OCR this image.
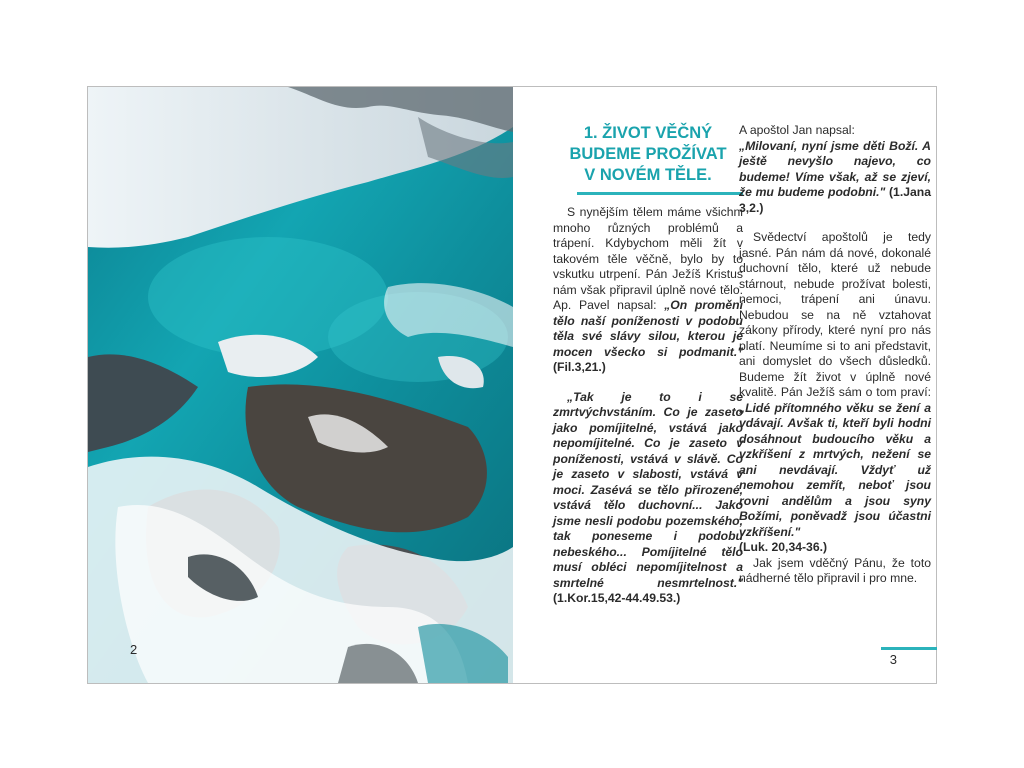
2
1. ŽIVOT VĚČNÝ
BUDEME PROŽÍVAT
V NOVÉM TĚLE.

S nynějším tělem máme všichni mnoho různých problémů a trápení. Kdybychom měli žít v takovém těle věčně, bylo by to vskutku utrpení. Pán Ježíš Kristus nám však připravil úplně nové tělo. Ap. Pavel napsal: „On promění tělo naší poníženosti v podobu těla své slávy silou, kterou je mocen všecko si podmanit." (Fil.3,21.)

„Tak je to i se zmrtvýchvstáním. Co je zaseto jako pomíjitelné, vstává jako nepomíjitelné. Co je zaseto v poníženosti, vstává v slávě. Co je zaseto v slabosti, vstává v moci. Zasévá se tělo přirozené, vstává tělo duchovní... Jako jsme nesli podobu pozemského, tak poneseme i podobu nebeského... Pomíjitelné tělo musí obléci nepomíjitelnost a smrtelné nesmrtelnost." (1.Kor.15,42-44.49.53.)

A apoštol Jan napsal:
„Milovaní, nyní jsme děti Boží. A ještě nevyšlo najevo, co budeme! Víme však, až se zjeví, že mu budeme podobni." (1.Jana 3,2.)

Svědectví apoštolů je tedy jasné. Pán nám dá nové, dokonalé duchovní tělo, které už nebude stárnout, nebude prožívat bolesti, nemoci, trápení ani únavu. Nebudou se na ně vztahovat zákony přírody, které nyní pro nás platí. Neumíme si to ani představit, ani domyslet do všech důsledků. Budeme žít život v úplně nové kvalitě. Pán Ježíš sám o tom praví: „Lidé přítomného věku se žení a vdávají. Avšak ti, kteří byli hodni dosáhnout budoucího věku a vzkříšení z mrtvých, nežení se ani nevdávají. Vždyť už nemohou zemřít, neboť jsou rovni andělům a jsou syny Božími, poněvadž jsou účastni vzkříšení."
(Luk. 20,34-36.)

Jak jsem vděčný Pánu, že toto nádherné tělo připravil i pro mne.

3
